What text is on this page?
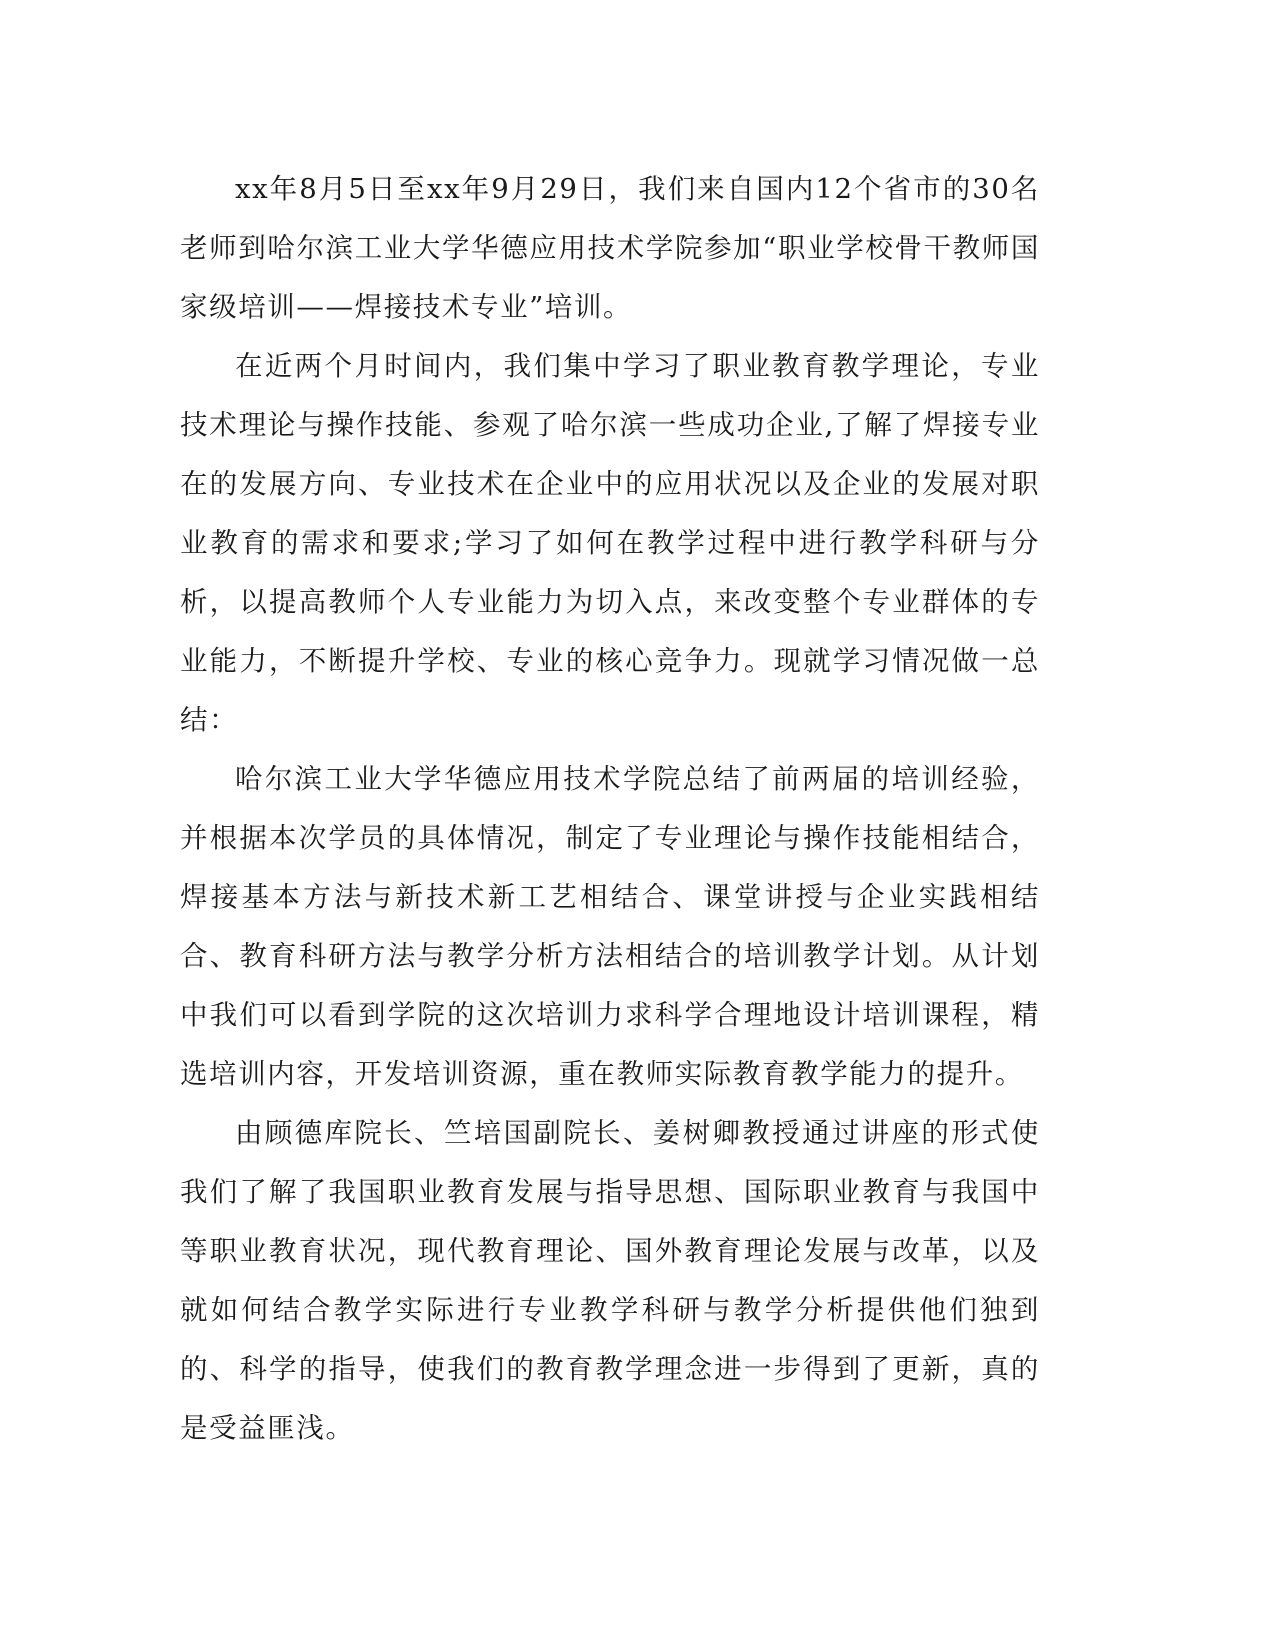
xx年8月5日至xx年9月29日，我们来自国内12个省市的30名老师到哈尔滨工业大学华德应用技术学院参加“职业学校骨干教师国家级培训——焊接技术专业”培训。

在近两个月时间内，我们集中学习了职业教育教学理论，专业技术理论与操作技能、参观了哈尔滨一些成功企业,了解了焊接专业在的发展方向、专业技术在企业中的应用状况以及企业的发展对职业教育的需求和要求;学习了如何在教学过程中进行教学科研与分析，以提高教师个人专业能力为切入点，来改变整个专业群体的专业能力，不断提升学校、专业的核心竞争力。现就学习情况做一总结：

哈尔滨工业大学华德应用技术学院总结了前两届的培训经验，并根据本次学员的具体情况，制定了专业理论与操作技能相结合，焊接基本方法与新技术新工艺相结合、课堂讲授与企业实践相结合、教育科研方法与教学分析方法相结合的培训教学计划。从计划中我们可以看到学院的这次培训力求科学合理地设计培训课程，精选培训内容，开发培训资源，重在教师实际教育教学能力的提升。

由顾德库院长、竺培国副院长、姜树卿教授通过讲座的形式使我们了解了我国职业教育发展与指导思想、国际职业教育与我国中等职业教育状况，现代教育理论、国外教育理论发展与改革，以及就如何结合教学实际进行专业教学科研与教学分析提供他们独到的、科学的指导，使我们的教育教学理念进一步得到了更新，真的是受益匪浅。
